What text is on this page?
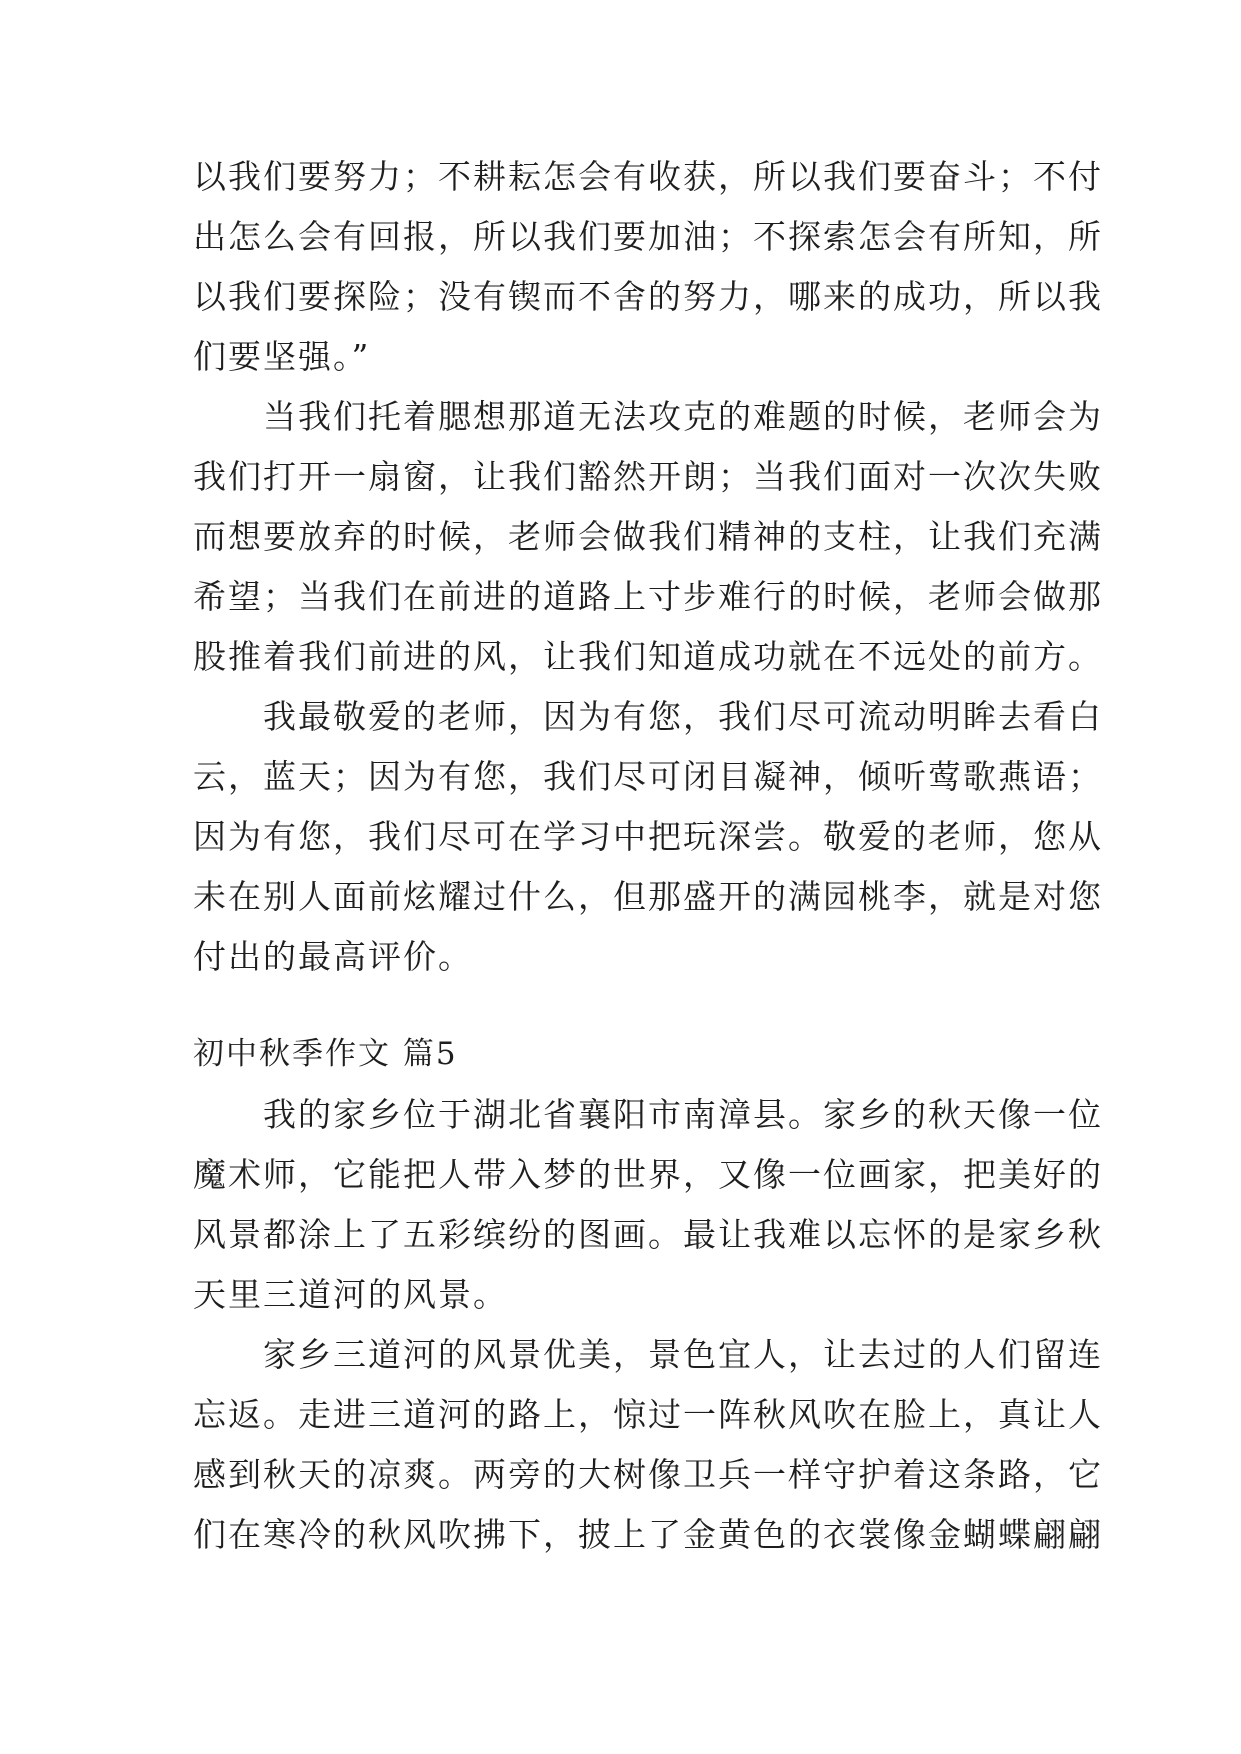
以我们要努力；不耕耘怎会有收获，所以我们要奋斗；不付
出怎么会有回报，所以我们要加油；不探索怎会有所知，所
以我们要探险；没有锲而不舍的努力，哪来的成功，所以我
们要坚强。”
　　当我们托着腮想那道无法攻克的难题的时候，老师会为
我们打开一扇窗，让我们豁然开朗；当我们面对一次次失败
而想要放弃的时候，老师会做我们精神的支柱，让我们充满
希望；当我们在前进的道路上寸步难行的时候，老师会做那
股推着我们前进的风，让我们知道成功就在不远处的前方。
　　我最敬爱的老师，因为有您，我们尽可流动明眸去看白
云，蓝天；因为有您，我们尽可闭目凝神，倾听莺歌燕语；
因为有您，我们尽可在学习中把玩深尝。敬爱的老师，您从
未在别人面前炫耀过什么，但那盛开的满园桃李，就是对您
付出的最高评价。
初中秋季作文 篇5
　　我的家乡位于湖北省襄阳市南漳县。家乡的秋天像一位
魔术师，它能把人带入梦的世界，又像一位画家，把美好的
风景都涂上了五彩缤纷的图画。最让我难以忘怀的是家乡秋
天里三道河的风景。
　　家乡三道河的风景优美，景色宜人，让去过的人们留连
忘返。走进三道河的路上，惊过一阵秋风吹在脸上，真让人
感到秋天的凉爽。两旁的大树像卫兵一样守护着这条路，它
们在寒冷的秋风吹拂下，披上了金黄色的衣裳像金蝴蝶翩翩
